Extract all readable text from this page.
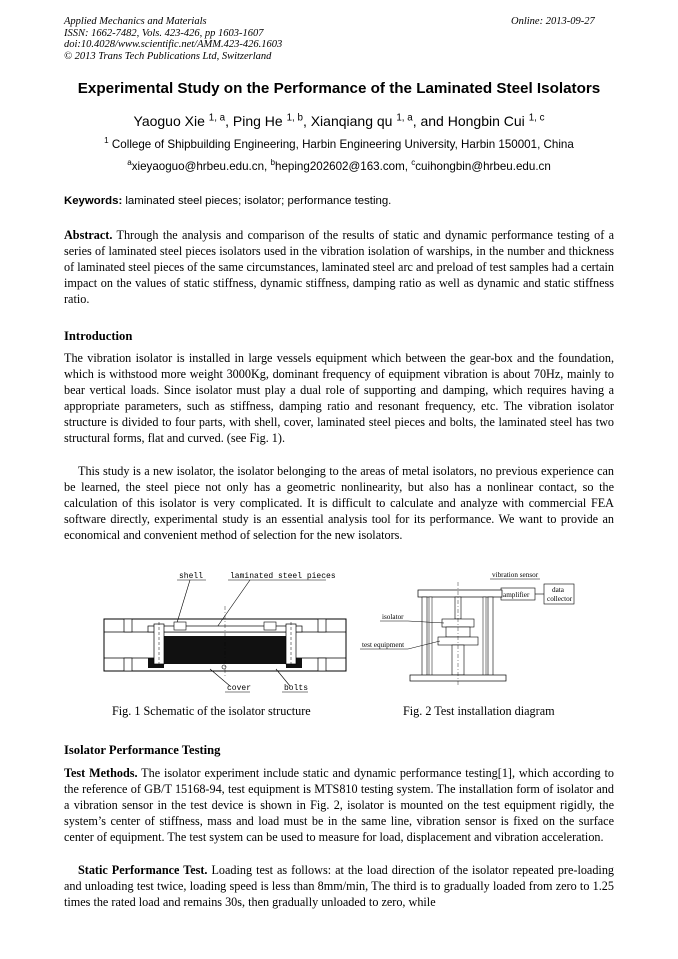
Applied Mechanics and Materials
ISSN: 1662-7482, Vols. 423-426, pp 1603-1607
doi:10.4028/www.scientific.net/AMM.423-426.1603
© 2013 Trans Tech Publications Ltd, Switzerland
Online: 2013-09-27
Experimental Study on the Performance of the Laminated Steel Isolators
Yaoguo Xie $^{1, a}$, Ping He $^{1, b}$, Xianqiang qu $^{1, a}$, and Hongbin Cui $^{1, c}$
$^1$ College of Shipbuilding Engineering, Harbin Engineering University, Harbin 150001, China
$^a$xieyaoguo@hrbeu.edu.cn, $^b$heping202602@163.com, $^c$cuihongbin@hrbeu.edu.cn
Keywords: laminated steel pieces; isolator; performance testing.
Abstract. Through the analysis and comparison of the results of static and dynamic performance testing of a series of laminated steel pieces isolators used in the vibration isolation of warships, in the number and thickness of laminated steel pieces of the same circumstances, laminated steel arc and preload of test samples had a certain impact on the values of static stiffness, dynamic stiffness, damping ratio as well as dynamic and static stiffness ratio.
Introduction
The vibration isolator is installed in large vessels equipment which between the gear-box and the foundation, which is withstood more weight 3000Kg, dominant frequency of equipment vibration is about 70Hz, mainly to bear vertical loads. Since isolator must play a dual role of supporting and damping, which requires having a appropriate parameters, such as stiffness, damping ratio and resonant frequency, etc. The vibration isolator structure is divided to four parts, with shell, cover, laminated steel pieces and bolts, the laminated steel has two structural forms, flat and curved. (see Fig. 1).
This study is a new isolator, the isolator belonging to the areas of metal isolators, no previous experience can be learned, the steel piece not only has a geometric nonlinearity, but also has a nonlinear contact, so the calculation of this isolator is very complicated. It is difficult to calculate and analyze with commercial FEA software directly, experimental study is an essential analysis tool for its performance. We want to provide an economical and convenient method of selection for the new isolators.
shell	laminated steel pieces
cover	bolts
Fig. 1 Schematic of the isolator structure
vibration sensor
amplifier
data
collector
isolator
test equipment
Fig. 2 Test installation diagram
Isolator Performance Testing
Test Methods. The isolator experiment include static and dynamic performance testing[1], which according to the reference of GB/T 15168-94, test equipment is MTS810 testing system. The installation form of isolator and a vibration sensor in the test device is shown in Fig. 2, isolator is mounted on the test equipment rigidly, the system’s center of stiffness, mass and load must be in the same line, vibration sensor is fixed on the surface center of equipment. The test system can be used to measure for load, displacement and vibration acceleration.
Static Performance Test. Loading test as follows: at the load direction of the isolator repeated pre-loading and unloading test twice, loading speed is less than 8mm/min, The third is to gradually loaded from zero to 1.25 times the rated load and remains 30s, then gradually unloaded to zero, while
